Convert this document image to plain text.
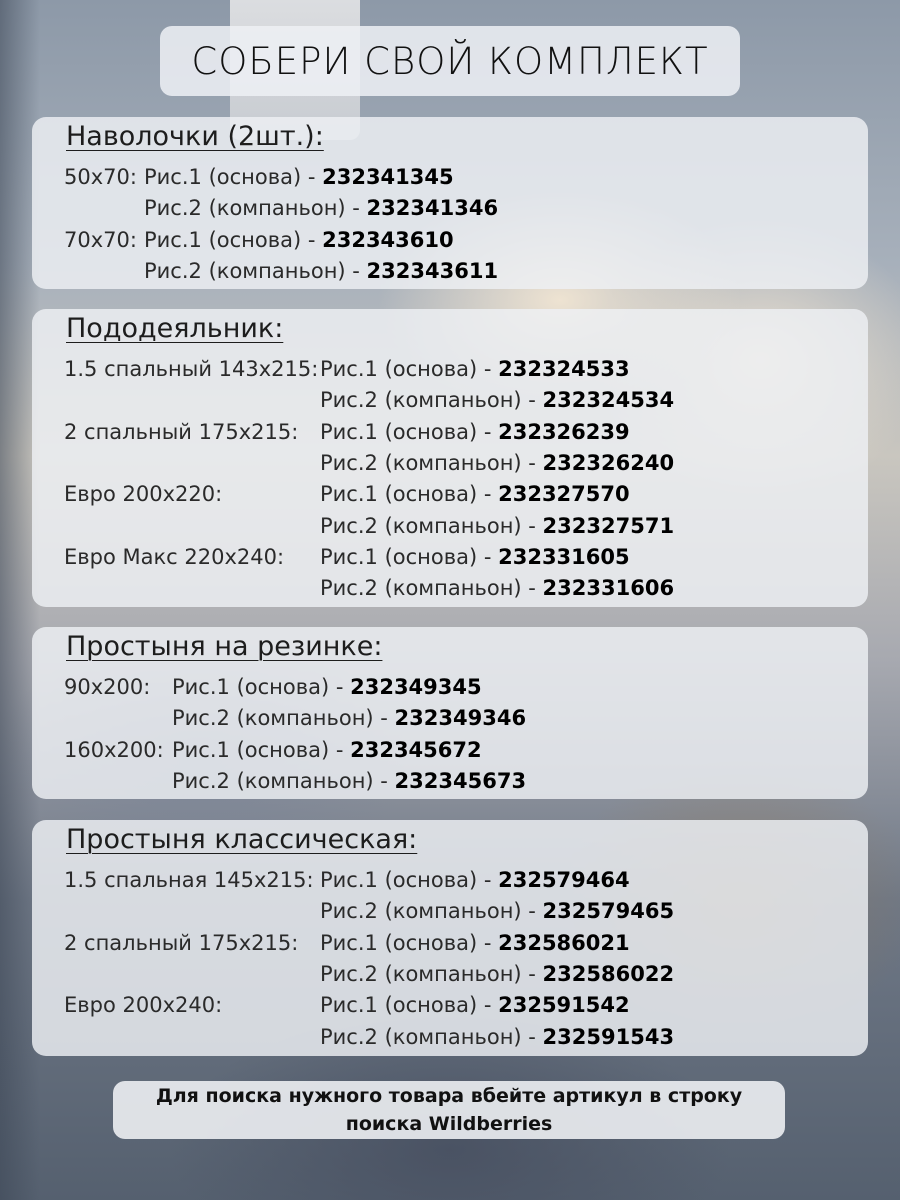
СОБЕРИ СВОЙ КОМПЛЕКТ
Наволочки (2шт.):
50x70: Рис.1 (основа) - 232341345
Рис.2 (компаньон) - 232341346
70x70: Рис.1 (основа) - 232343610
Рис.2 (компаньон) - 232343611
Пододеяльник:
1.5 спальный 143x215: Рис.1 (основа) - 232324533
Рис.2 (компаньон) - 232324534
2 спальный 175x215: Рис.1 (основа) - 232326239
Рис.2 (компаньон) - 232326240
Евро 200x220:	Рис.1 (основа) - 232327570
Рис.2 (компаньон) - 232327571
Евро Макс 220x240: Рис.1 (основа) - 232331605
Рис.2 (компаньон) - 232331606
Простыня на резинке:
90x200: Рис.1 (основа) - 232349345
Рис.2 (компаньон) - 232349346
160x200: Рис.1 (основа) - 232345672
Рис.2 (компаньон) - 232345673
Простыня классическая:
1.5 спальная 145x215: Рис.1 (основа) - 232579464
Рис.2 (компаньон) - 232579465
2 спальный 175x215: Рис.1 (основа) - 232586021
Рис.2 (компаньон) - 232586022
Евро 200x240:	Рис.1 (основа) - 232591542
Рис.2 (компаньон) - 232591543
Для поиска нужного товара вбейте артикул в строку поиска Wildberries
